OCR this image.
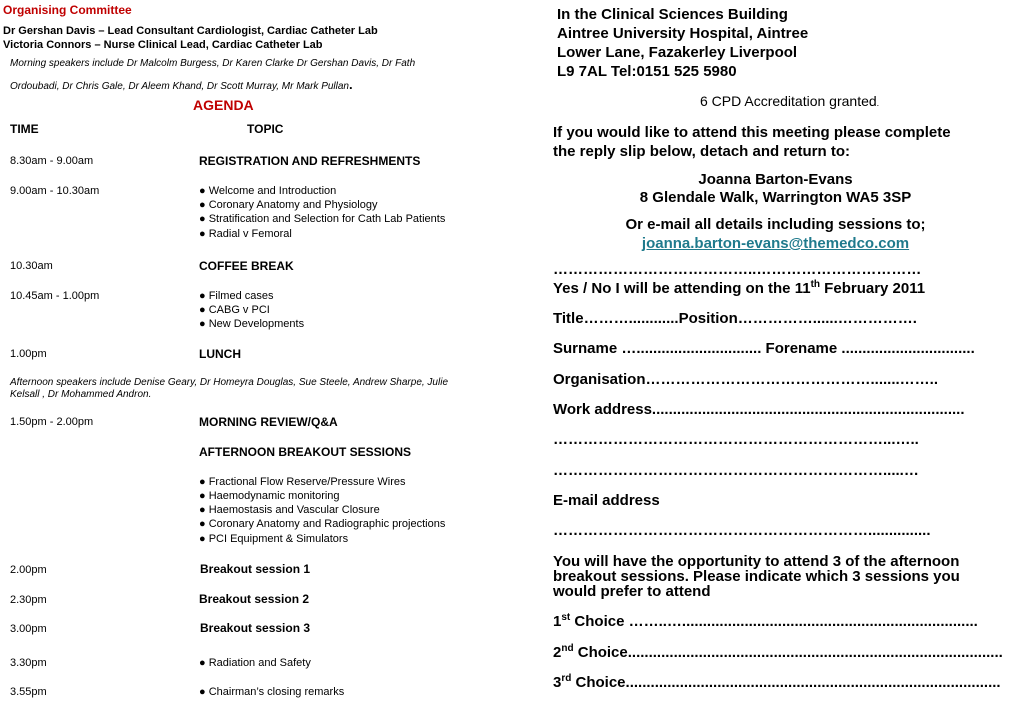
Organising Committee
Dr Gershan Davis – Lead Consultant Cardiologist, Cardiac Catheter Lab
Victoria Connors – Nurse Clinical Lead, Cardiac Catheter Lab
Morning speakers include Dr Malcolm Burgess, Dr Karen Clarke Dr Gershan Davis, Dr Fath
Ordoubadi, Dr Chris Gale, Dr Aleem Khand, Dr Scott Murray, Mr Mark Pullan.
AGENDA
TIME	TOPIC
8.30am - 9.00am	REGISTRATION AND REFRESHMENTS
9.00am - 10.30am	● Welcome and Introduction
● Coronary Anatomy and Physiology
● Stratification and Selection for Cath Lab Patients
● Radial v Femoral
10.30am	COFFEE BREAK
10.45am - 1.00pm	● Filmed cases
● CABG v PCI
● New Developments
1.00pm	LUNCH
Afternoon speakers include Denise Geary, Dr Homeyra Douglas, Sue Steele, Andrew Sharpe, Julie
Kelsall , Dr Mohammed Andron.
1.50pm - 2.00pm	MORNING REVIEW/Q&A
AFTERNOON BREAKOUT SESSIONS
● Fractional Flow Reserve/Pressure Wires
● Haemodynamic monitoring
● Haemostasis and Vascular Closure
● Coronary Anatomy and Radiographic projections
● PCI Equipment & Simulators
2.00pm	Breakout session 1
2.30pm	Breakout session 2
3.00pm	Breakout session 3
3.30pm	● Radiation and Safety
3.55pm	● Chairman’s closing remarks
In the Clinical Sciences Building
Aintree University Hospital, Aintree
Lower Lane, Fazakerley Liverpool
L9 7AL Tel:0151 525 5980
6 CPD Accreditation granted.
If you would like to attend this meeting please complete
the reply slip below, detach and return to:
Joanna Barton-Evans
8 Glendale Walk, Warrington WA5 3SP
Or e-mail all details including sessions to;
joanna.barton-evans@themedco.com
…………………………………..……………………………
Yes / No I will be attending on the 11th February 2011
Title………............Position……………......…………….
Surname ….............................. Forename ................................
Organisation……………………………………….......……..
Work address...........................................................................
…………………………………………………………...…..
………………………………………………………….....…
E-mail address
………………………………………………………...............
You will have the opportunity to attend 3 of the afternoon
breakout sessions. Please indicate which 3 sessions you
would prefer to attend
1st Choice ……..….......................................................................
2nd Choice..........................................................................................
3rd Choice..........................................................................................
